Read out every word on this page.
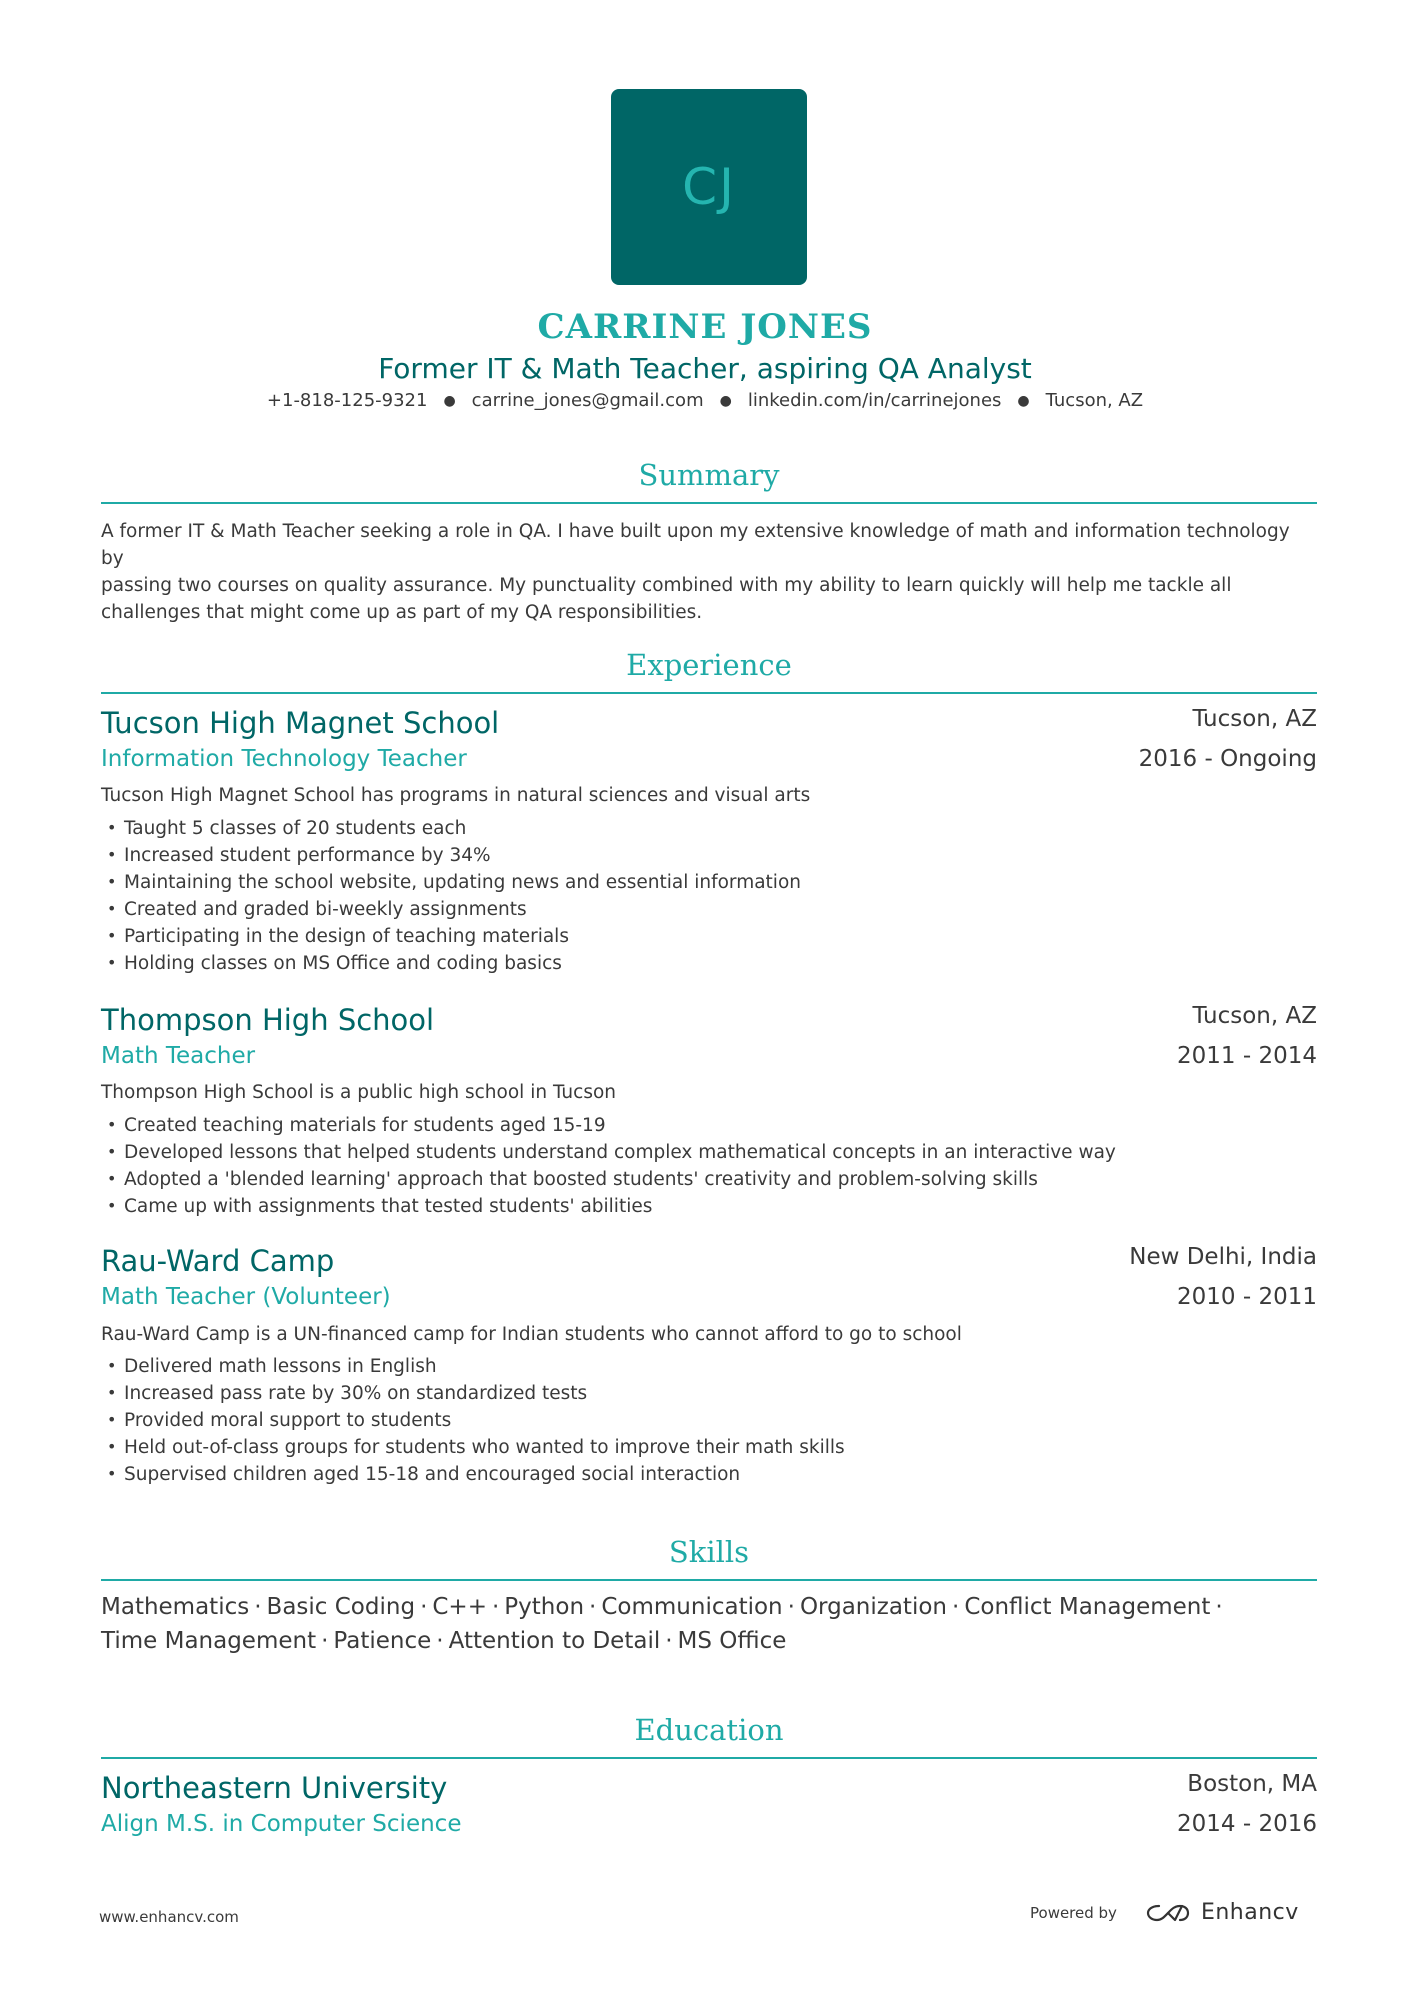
CJ
CARRINE JONES
Former IT & Math Teacher, aspiring QA Analyst
+1-818-125-9321 ● carrine_jones@gmail.com ● linkedin.com/in/carrinejones ● Tucson, AZ
Summary
A former IT & Math Teacher seeking a role in QA. I have built upon my extensive knowledge of math and information technology by
passing two courses on quality assurance. My punctuality combined with my ability to learn quickly will help me tackle all
challenges that might come up as part of my QA responsibilities.
Experience
Tucson High Magnet School	Tucson, AZ
Information Technology Teacher	2016 - Ongoing
Tucson High Magnet School has programs in natural sciences and visual arts
• Taught 5 classes of 20 students each
• Increased student performance by 34%
• Maintaining the school website, updating news and essential information
• Created and graded bi-weekly assignments
• Participating in the design of teaching materials
• Holding classes on MS Office and coding basics
Thompson High School	Tucson, AZ
Math Teacher	2011 - 2014
Thompson High School is a public high school in Tucson
• Created teaching materials for students aged 15-19
• Developed lessons that helped students understand complex mathematical concepts in an interactive way
• Adopted a 'blended learning' approach that boosted students' creativity and problem-solving skills
• Came up with assignments that tested students' abilities
Rau-Ward Camp	New Delhi, India
Math Teacher (Volunteer)	2010 - 2011
Rau-Ward Camp is a UN-financed camp for Indian students who cannot afford to go to school
• Delivered math lessons in English
• Increased pass rate by 30% on standardized tests
• Provided moral support to students
• Held out-of-class groups for students who wanted to improve their math skills
• Supervised children aged 15-18 and encouraged social interaction
Skills
Mathematics · Basic Coding · C++ · Python · Communication · Organization · Conflict Management ·
Time Management · Patience · Attention to Detail · MS Office
Education
Northeastern University	Boston, MA
Align M.S. in Computer Science	2014 - 2016
www.enhancv.com	Powered by	Enhancv
